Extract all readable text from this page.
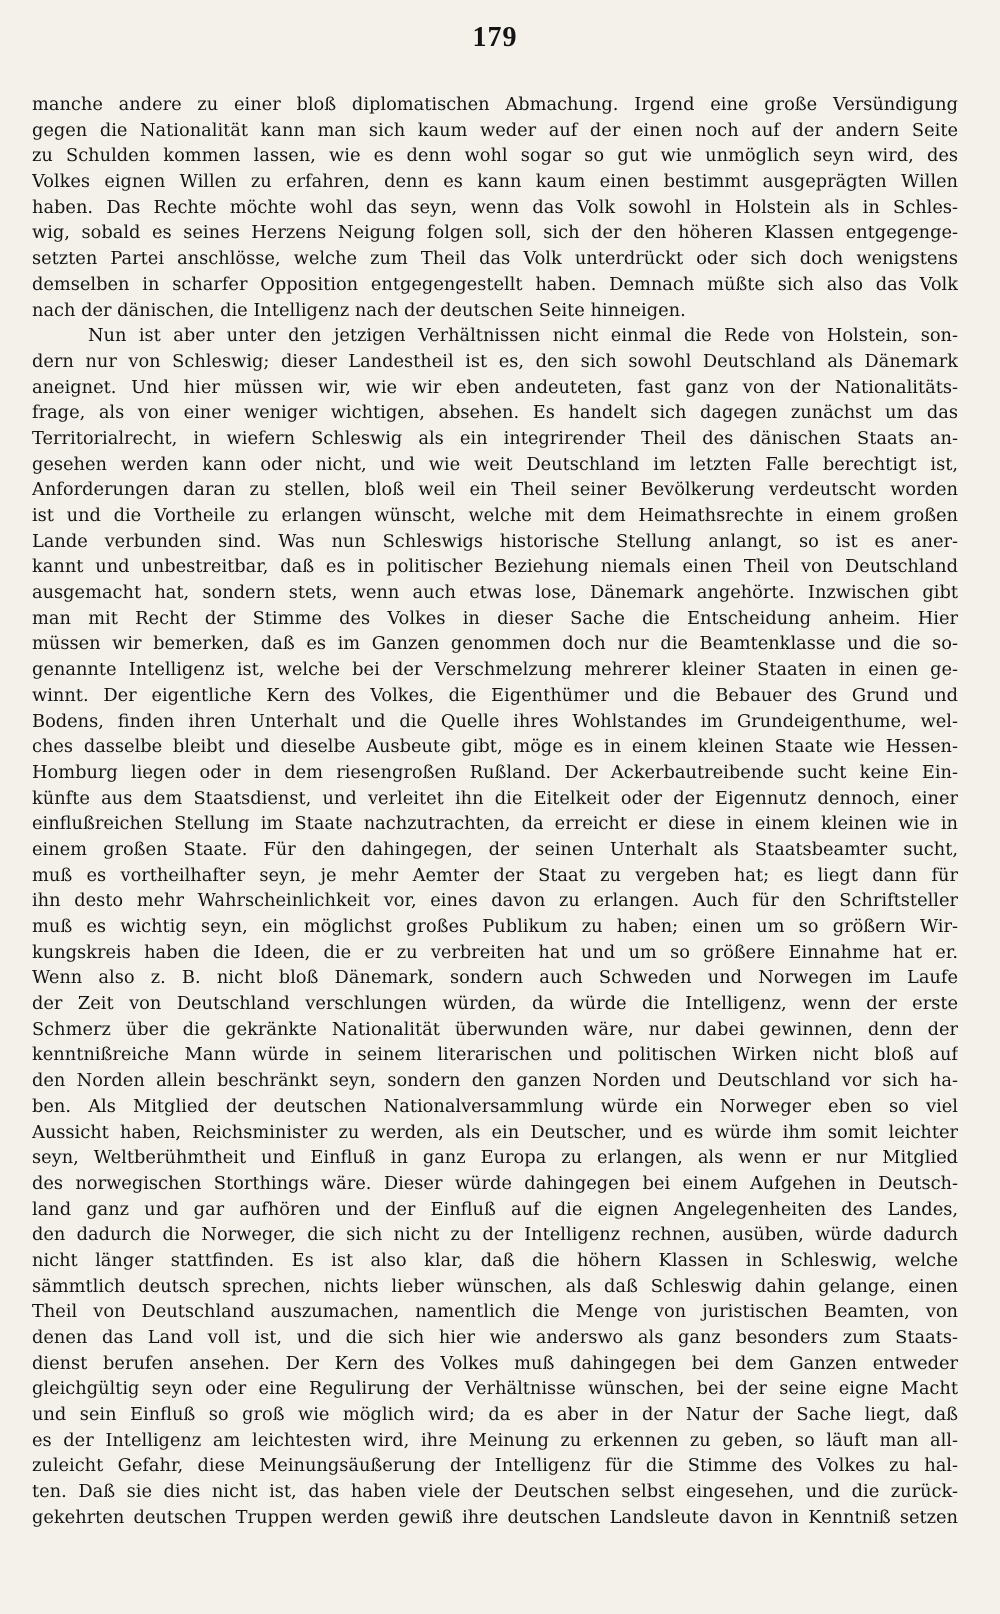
179
manche andere zu einer bloß diplomatischen Abmachung. Irgend eine große Versündigung
gegen die Nationalität kann man sich kaum weder auf der einen noch auf der andern Seite
zu Schulden kommen lassen, wie es denn wohl sogar so gut wie unmöglich seyn wird, des
Volkes eignen Willen zu erfahren, denn es kann kaum einen bestimmt ausgeprägten Willen
haben. Das Rechte möchte wohl das seyn, wenn das Volk sowohl in Holstein als in Schles-
wig, sobald es seines Herzens Neigung folgen soll, sich der den höheren Klassen entgegenge-
setzten Partei anschlösse, welche zum Theil das Volk unterdrückt oder sich doch wenigstens
demselben in scharfer Opposition entgegengestellt haben. Demnach müßte sich also das Volk
nach der dänischen, die Intelligenz nach der deutschen Seite hinneigen.
Nun ist aber unter den jetzigen Verhältnissen nicht einmal die Rede von Holstein, son-
dern nur von Schleswig; dieser Landestheil ist es, den sich sowohl Deutschland als Dänemark
aneignet. Und hier müssen wir, wie wir eben andeuteten, fast ganz von der Nationalitäts-
frage, als von einer weniger wichtigen, absehen. Es handelt sich dagegen zunächst um das
Territorialrecht, in wiefern Schleswig als ein integrirender Theil des dänischen Staats an-
gesehen werden kann oder nicht, und wie weit Deutschland im letzten Falle berechtigt ist,
Anforderungen daran zu stellen, bloß weil ein Theil seiner Bevölkerung verdeutscht worden
ist und die Vortheile zu erlangen wünscht, welche mit dem Heimathsrechte in einem großen
Lande verbunden sind. Was nun Schleswigs historische Stellung anlangt, so ist es aner-
kannt und unbestreitbar, daß es in politischer Beziehung niemals einen Theil von Deutschland
ausgemacht hat, sondern stets, wenn auch etwas lose, Dänemark angehörte. Inzwischen gibt
man mit Recht der Stimme des Volkes in dieser Sache die Entscheidung anheim. Hier
müssen wir bemerken, daß es im Ganzen genommen doch nur die Beamtenklasse und die so-
genannte Intelligenz ist, welche bei der Verschmelzung mehrerer kleiner Staaten in einen ge-
winnt. Der eigentliche Kern des Volkes, die Eigenthümer und die Bebauer des Grund und
Bodens, finden ihren Unterhalt und die Quelle ihres Wohlstandes im Grundeigenthume, wel-
ches dasselbe bleibt und dieselbe Ausbeute gibt, möge es in einem kleinen Staate wie Hessen-
Homburg liegen oder in dem riesengroßen Rußland. Der Ackerbautreibende sucht keine Ein-
künfte aus dem Staatsdienst, und verleitet ihn die Eitelkeit oder der Eigennutz dennoch, einer
einflußreichen Stellung im Staate nachzutrachten, da erreicht er diese in einem kleinen wie in
einem großen Staate. Für den dahingegen, der seinen Unterhalt als Staatsbeamter sucht,
muß es vortheilhafter seyn, je mehr Aemter der Staat zu vergeben hat; es liegt dann für
ihn desto mehr Wahrscheinlichkeit vor, eines davon zu erlangen. Auch für den Schriftsteller
muß es wichtig seyn, ein möglichst großes Publikum zu haben; einen um so größern Wir-
kungskreis haben die Ideen, die er zu verbreiten hat und um so größere Einnahme hat er.
Wenn also z. B. nicht bloß Dänemark, sondern auch Schweden und Norwegen im Laufe
der Zeit von Deutschland verschlungen würden, da würde die Intelligenz, wenn der erste
Schmerz über die gekränkte Nationalität überwunden wäre, nur dabei gewinnen, denn der
kenntnißreiche Mann würde in seinem literarischen und politischen Wirken nicht bloß auf
den Norden allein beschränkt seyn, sondern den ganzen Norden und Deutschland vor sich ha-
ben. Als Mitglied der deutschen Nationalversammlung würde ein Norweger eben so viel
Aussicht haben, Reichsminister zu werden, als ein Deutscher, und es würde ihm somit leichter
seyn, Weltberühmtheit und Einfluß in ganz Europa zu erlangen, als wenn er nur Mitglied
des norwegischen Storthings wäre. Dieser würde dahingegen bei einem Aufgehen in Deutsch-
land ganz und gar aufhören und der Einfluß auf die eignen Angelegenheiten des Landes,
den dadurch die Norweger, die sich nicht zu der Intelligenz rechnen, ausüben, würde dadurch
nicht länger stattfinden. Es ist also klar, daß die höhern Klassen in Schleswig, welche
sämmtlich deutsch sprechen, nichts lieber wünschen, als daß Schleswig dahin gelange, einen
Theil von Deutschland auszumachen, namentlich die Menge von juristischen Beamten, von
denen das Land voll ist, und die sich hier wie anderswo als ganz besonders zum Staats-
dienst berufen ansehen. Der Kern des Volkes muß dahingegen bei dem Ganzen entweder
gleichgültig seyn oder eine Regulirung der Verhältnisse wünschen, bei der seine eigne Macht
und sein Einfluß so groß wie möglich wird; da es aber in der Natur der Sache liegt, daß
es der Intelligenz am leichtesten wird, ihre Meinung zu erkennen zu geben, so läuft man all-
zuleicht Gefahr, diese Meinungsäußerung der Intelligenz für die Stimme des Volkes zu hal-
ten. Daß sie dies nicht ist, das haben viele der Deutschen selbst eingesehen, und die zurück-
gekehrten deutschen Truppen werden gewiß ihre deutschen Landsleute davon in Kenntniß setzen
